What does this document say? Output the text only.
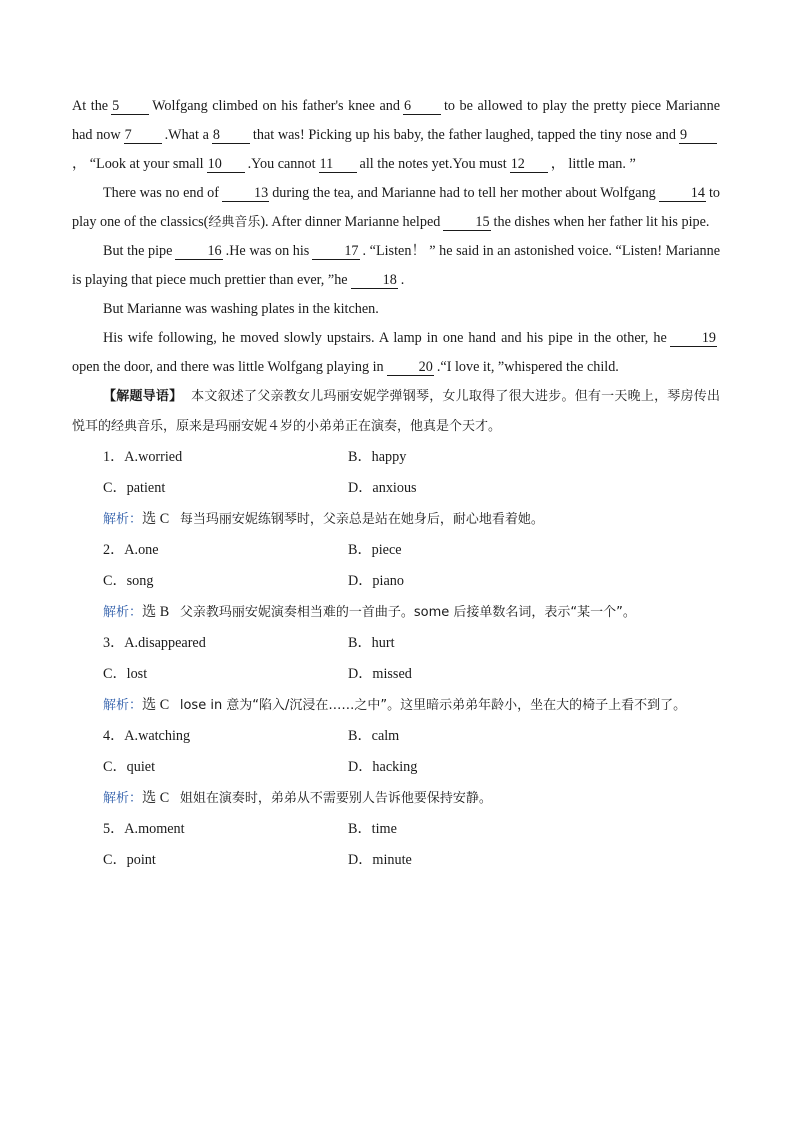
At the 5 Wolfgang climbed on his father's knee and 6 to be allowed to play the pretty piece Marianne had now 7 .What a 8 that was! Picking up his baby, the father laughed, tapped the tiny nose and 9， “Look at your small 10 .You cannot 11 all the notes yet.You must 12 ， little man. ”

There was no end of 13 during the tea, and Marianne had to tell her mother about Wolfgang 14 to play one of the classics(经典音乐). After dinner Marianne helped 15 the dishes when her father lit his pipe.

But the pipe 16 .He was on his 17 . “Listen！ ” he said in an astonished voice. “Listen! Marianne is playing that piece much prettier than ever, ”he 18 .

But Marianne was washing plates in the kitchen.

His wife following, he moved slowly upstairs. A lamp in one hand and his pipe in the other, he 19open the door, and there was little Wolfgang playing in 20 .“I love it, ”whispered the child.

【解题导语】 本文叙述了父亲教女儿玛丽安妮学弹钢琴，女儿取得了很大进步。但有一天晚上，琴房传出悦耳的经典音乐，原来是玛丽安妮４岁的小弟弟正在演奏，他真是个天才。

1．A.worried	B．happy
C．patient	D．anxious

解析：选 C 每当玛丽安妮练钢琴时，父亲总是站在她身后，耐心地看着她。

2．A.one	B．piece
C．song	D．piano

解析：选 B 父亲教玛丽安妮演奏相当难的一首曲子。some 后接单数名词，表示“某一个”。

3．A.disappeared	B．hurt
C．lost	D．missed

解析：选 C lose in 意为“陷入/沉浸在……之中”。这里暗示弟弟年龄小，坐在大的椅子上看不到了。

4．A.watching	B．calm
C．quiet	D．hacking

解析：选 C 姐姐在演奏时，弟弟从不需要别人告诉他要保持安静。

5．A.moment	B．time
C．point	D．minute
